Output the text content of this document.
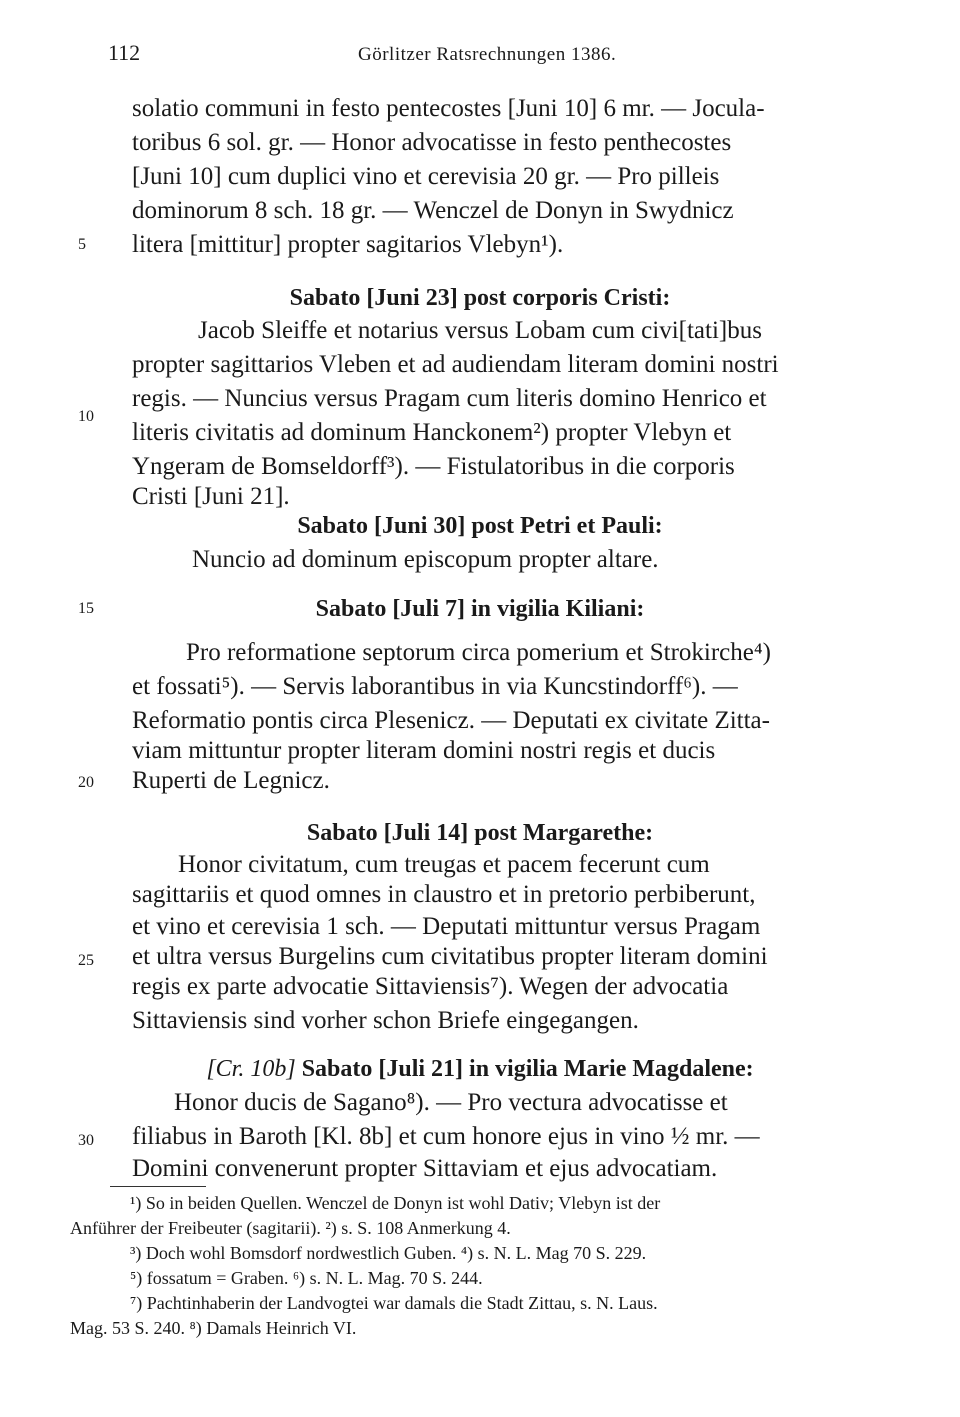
112	Görlitzer Ratsrechnungen 1386.
solatio communi in festo pentecostes [Juni 10] 6 mr. — Jocula-
toribus 6 sol. gr. — Honor advocatisse in festo penthecostes
[Juni 10] cum duplici vino et cerevisia 20 gr. — Pro pilleis
dominorum 8 sch. 18 gr. — Wenczel de Donyn in Swydnicz
litera [mittitur] propter sagitarios Vlebyn¹).
5
Sabato [Juni 23] post corporis Cristi:
Jacob Sleiffe et notarius versus Lobam cum civi[tati]bus
propter sagittarios Vleben et ad audiendam literam domini nostri
regis. — Nuncius versus Pragam cum literis domino Henrico et
literis civitatis ad dominum Hanckonem²) propter Vlebyn et
10
Yngeram de Bomseldorff³). — Fistulatoribus in die corporis
Cristi [Juni 21].
Sabato [Juni 30] post Petri et Pauli:
Nuncio ad dominum episcopum propter altare.
15	Sabato [Juli 7] in vigilia Kiliani:
Pro reformatione septorum circa pomerium et Strokirche⁴)
et fossati⁵). — Servis laborantibus in via Kuncstindorff⁶). —
Reformatio pontis circa Plesenicz. — Deputati ex civitate Zitta-
viam mittuntur propter literam domini nostri regis et ducis
Ruperti de Legnicz.
20
Sabato [Juli 14] post Margarethe:
Honor civitatum, cum treugas et pacem fecerunt cum
sagittariis et quod omnes in claustro et in pretorio perbiberunt,
et vino et cerevisia 1 sch. — Deputati mittuntur versus Pragam
et ultra versus Burgelins cum civitatibus propter literam domini
25
regis ex parte advocatie Sittaviensis⁷). Wegen der advocatia
Sittaviensis sind vorher schon Briefe eingegangen.
[Cr. 10b] Sabato [Juli 21] in vigilia Marie Magdalene:
Honor ducis de Sagano⁸). — Pro vectura advocatisse et
filiabus in Baroth [Kl. 8b] et cum honore ejus in vino ½ mr. —
30
Domini convenerunt propter Sittaviam et ejus advocatiam.
¹) So in beiden Quellen. Wenczel de Donyn ist wohl Dativ; Vlebyn ist der
Anführer der Freibeuter (sagitarii). ²) s. S. 108 Anmerkung 4.
³) Doch wohl Bomsdorf nordwestlich Guben. ⁴) s. N. L. Mag 70 S. 229.
⁵) fossatum = Graben. ⁶) s. N. L. Mag. 70 S. 244.
⁷) Pachtinhaberin der Landvogtei war damals die Stadt Zittau, s. N. Laus.
Mag. 53 S. 240. ⁸) Damals Heinrich VI.
